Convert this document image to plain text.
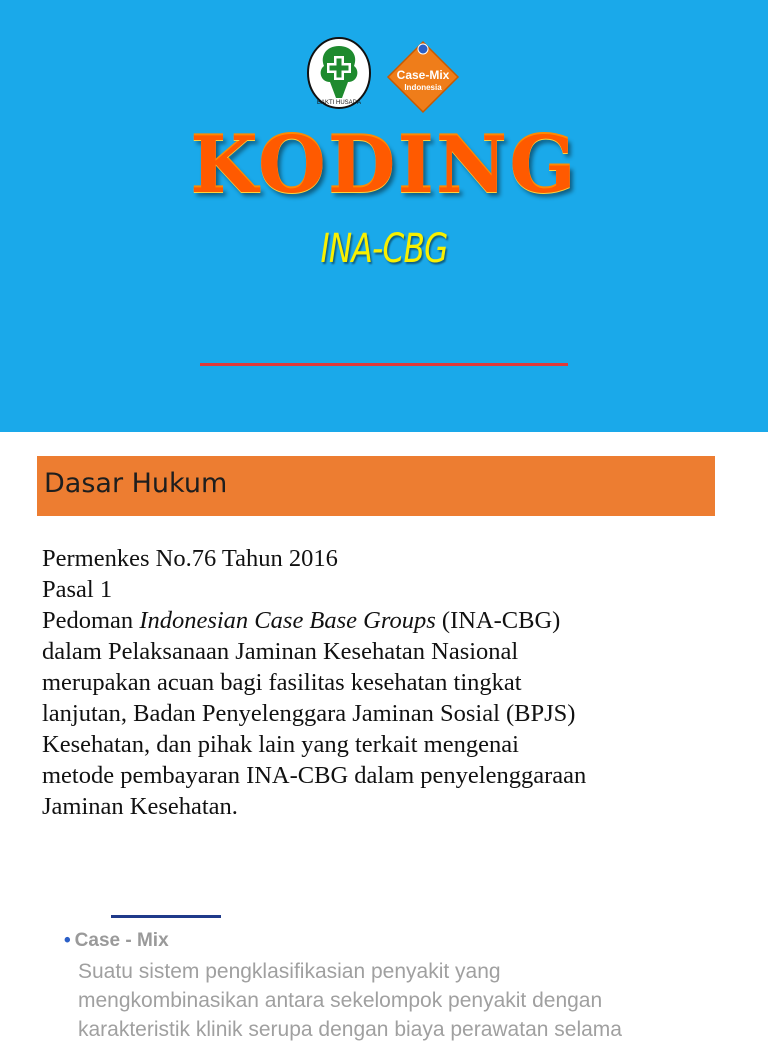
BAKTI HUSADA
Case-Mix
Indonesia
KODING
INA-CBG
Dasar Hukum
Permenkes No.76 Tahun 2016
Pasal 1
Pedoman Indonesian Case Base Groups (INA-CBG)
dalam Pelaksanaan Jaminan Kesehatan Nasional
merupakan acuan bagi fasilitas kesehatan tingkat
lanjutan, Badan Penyelenggara Jaminan Sosial (BPJS)
Kesehatan, dan pihak lain yang terkait mengenai
metode pembayaran INA-CBG dalam penyelenggaraan
Jaminan Kesehatan.
• Case - Mix
Suatu sistem pengklasifikasian penyakit yang
mengkombinasikan antara sekelompok penyakit dengan
karakteristik klinik serupa dengan biaya perawatan selama
